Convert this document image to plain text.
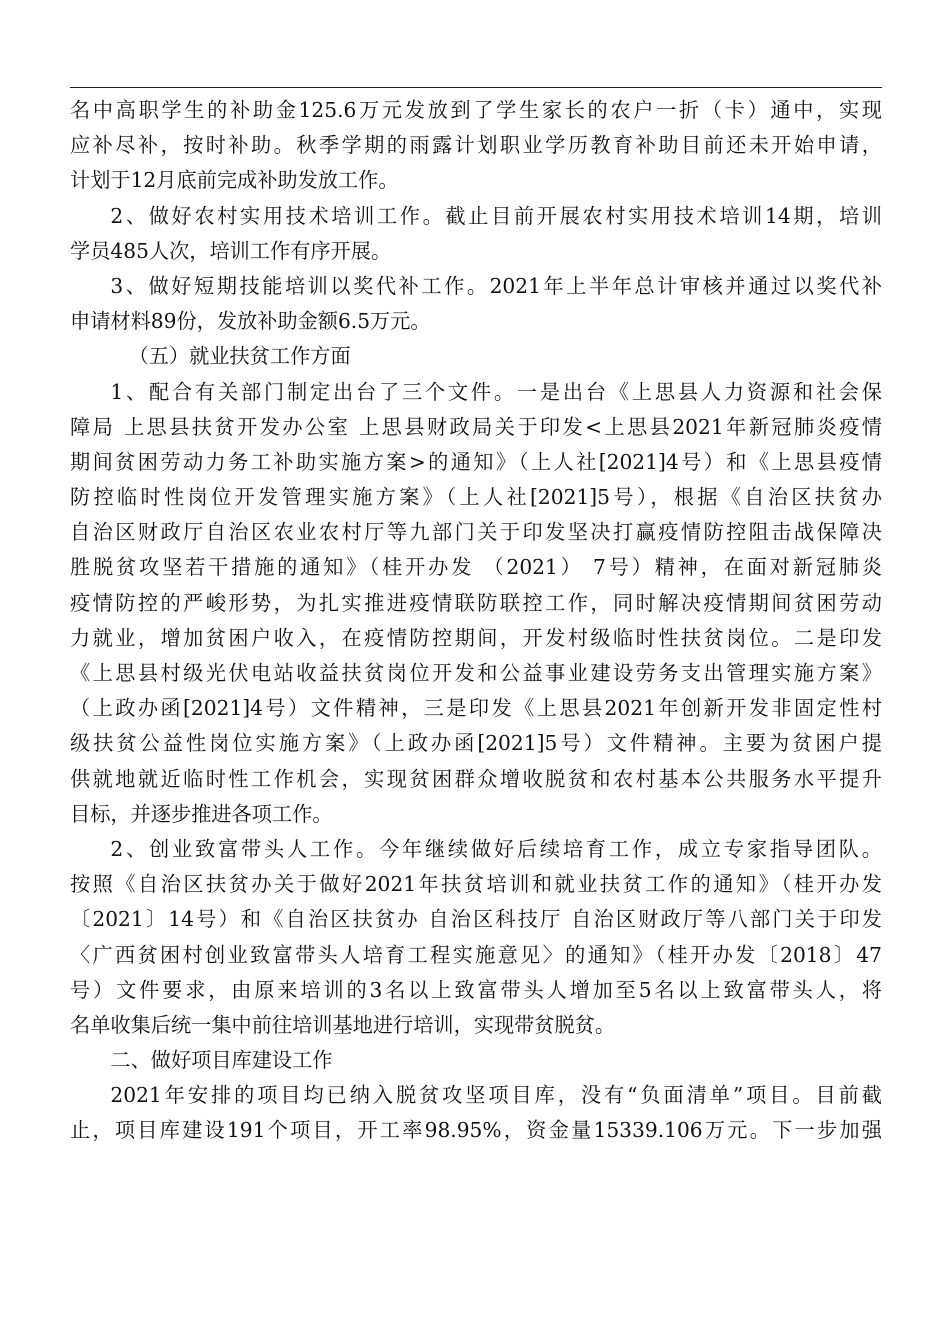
名中高职学生的补助金125.6万元发放到了学生家长的农户一折（卡）通中，实现
应补尽补，按时补助。秋季学期的雨露计划职业学历教育补助目前还未开始申请，
计划于12月底前完成补助发放工作。
2、做好农村实用技术培训工作。截止目前开展农村实用技术培训14期，培训
学员485人次，培训工作有序开展。
3、做好短期技能培训以奖代补工作。2021年上半年总计审核并通过以奖代补
申请材料89份，发放补助金额6.5万元。
（五）就业扶贫工作方面
1、配合有关部门制定出台了三个文件。一是出台《上思县人力资源和社会保
障局 上思县扶贫开发办公室 上思县财政局关于印发<上思县2021年新冠肺炎疫情
期间贫困劳动力务工补助实施方案>的通知》（上人社[2021]4号）和《上思县疫情
防控临时性岗位开发管理实施方案》（上人社[2021]5号），根据《自治区扶贫办
自治区财政厅自治区农业农村厅等九部门关于印发坚决打赢疫情防控阻击战保障决
胜脱贫攻坚若干措施的通知》（桂开办发 （2021） 7号）精神，在面对新冠肺炎
疫情防控的严峻形势，为扎实推进疫情联防联控工作，同时解决疫情期间贫困劳动
力就业，增加贫困户收入，在疫情防控期间，开发村级临时性扶贫岗位。二是印发
《上思县村级光伏电站收益扶贫岗位开发和公益事业建设劳务支出管理实施方案》
（上政办函[2021]4号）文件精神，三是印发《上思县2021年创新开发非固定性村
级扶贫公益性岗位实施方案》（上政办函[2021]5号）文件精神。主要为贫困户提
供就地就近临时性工作机会，实现贫困群众增收脱贫和农村基本公共服务水平提升
目标，并逐步推进各项工作。
2、创业致富带头人工作。今年继续做好后续培育工作，成立专家指导团队。
按照《自治区扶贫办关于做好2021年扶贫培训和就业扶贫工作的通知》（桂开办发
〔2021〕14号）和《自治区扶贫办 自治区科技厅 自治区财政厅等八部门关于印发
〈广西贫困村创业致富带头人培育工程实施意见〉的通知》（桂开办发〔2018〕47
号）文件要求，由原来培训的3名以上致富带头人增加至5名以上致富带头人，将
名单收集后统一集中前往培训基地进行培训，实现带贫脱贫。
二、做好项目库建设工作
2021年安排的项目均已纳入脱贫攻坚项目库，没有“负面清单”项目。目前截
止，项目库建设191个项目，开工率98.95%，资金量15339.106万元。下一步加强
